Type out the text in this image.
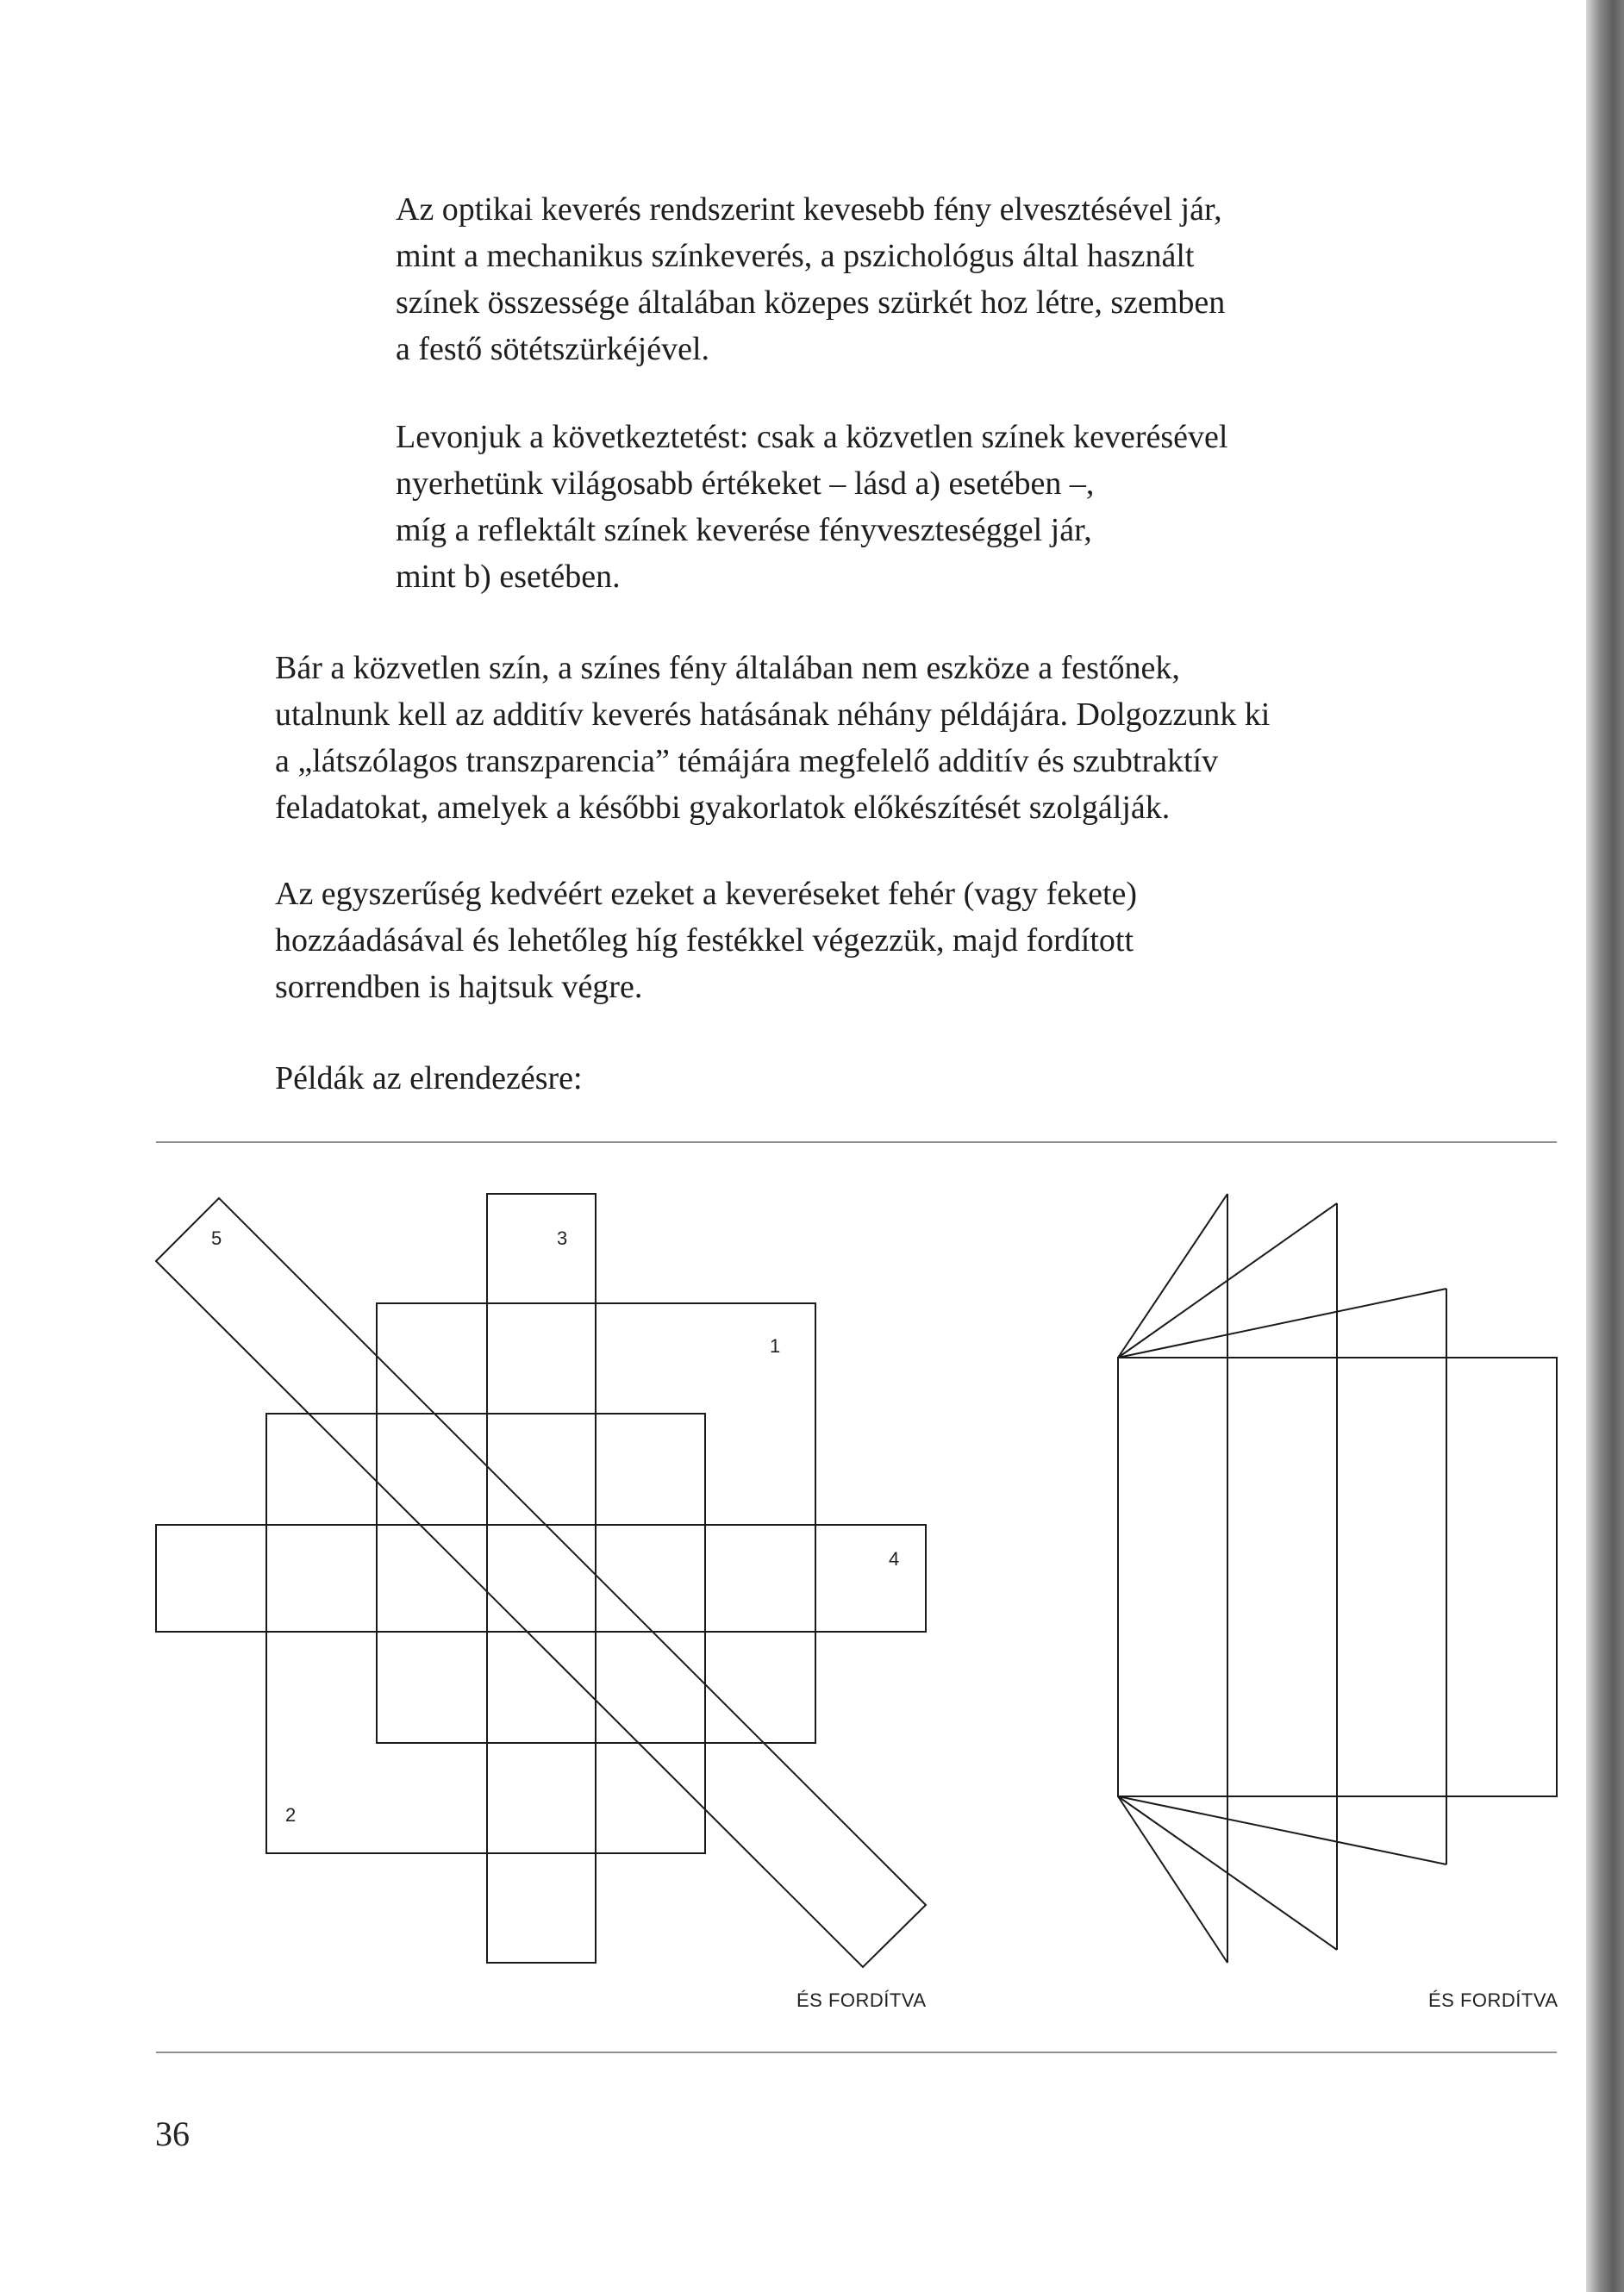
Az optikai keverés rendszerint kevesebb fény elvesztésével jár,
mint a mechanikus színkeverés, a pszichológus által használt
színek összessége általában közepes szürkét hoz létre, szemben
a festő sötétszürkéjével.

Levonjuk a következtetést: csak a közvetlen színek keverésével
nyerhetünk világosabb értékeket – lásd a) esetében –,
míg a reflektált színek keverése fényveszteséggel jár,
mint b) esetében.

Bár a közvetlen szín, a színes fény általában nem eszköze a festőnek,
utalnunk kell az additív keverés hatásának néhány példájára. Dolgozzunk ki
a „látszólagos transzparencia” témájára megfelelő additív és szubtraktív
feladatokat, amelyek a későbbi gyakorlatok előkészítését szolgálják.

Az egyszerűség kedvéért ezeket a keveréseket fehér (vagy fekete)
hozzáadásával és lehetőleg híg festékkel végezzük, majd fordított
sorrendben is hajtsuk végre.

Példák az elrendezésre:

1
2
3
4
5
ÉS FORDÍTVA	ÉS FORDÍTVA
36
